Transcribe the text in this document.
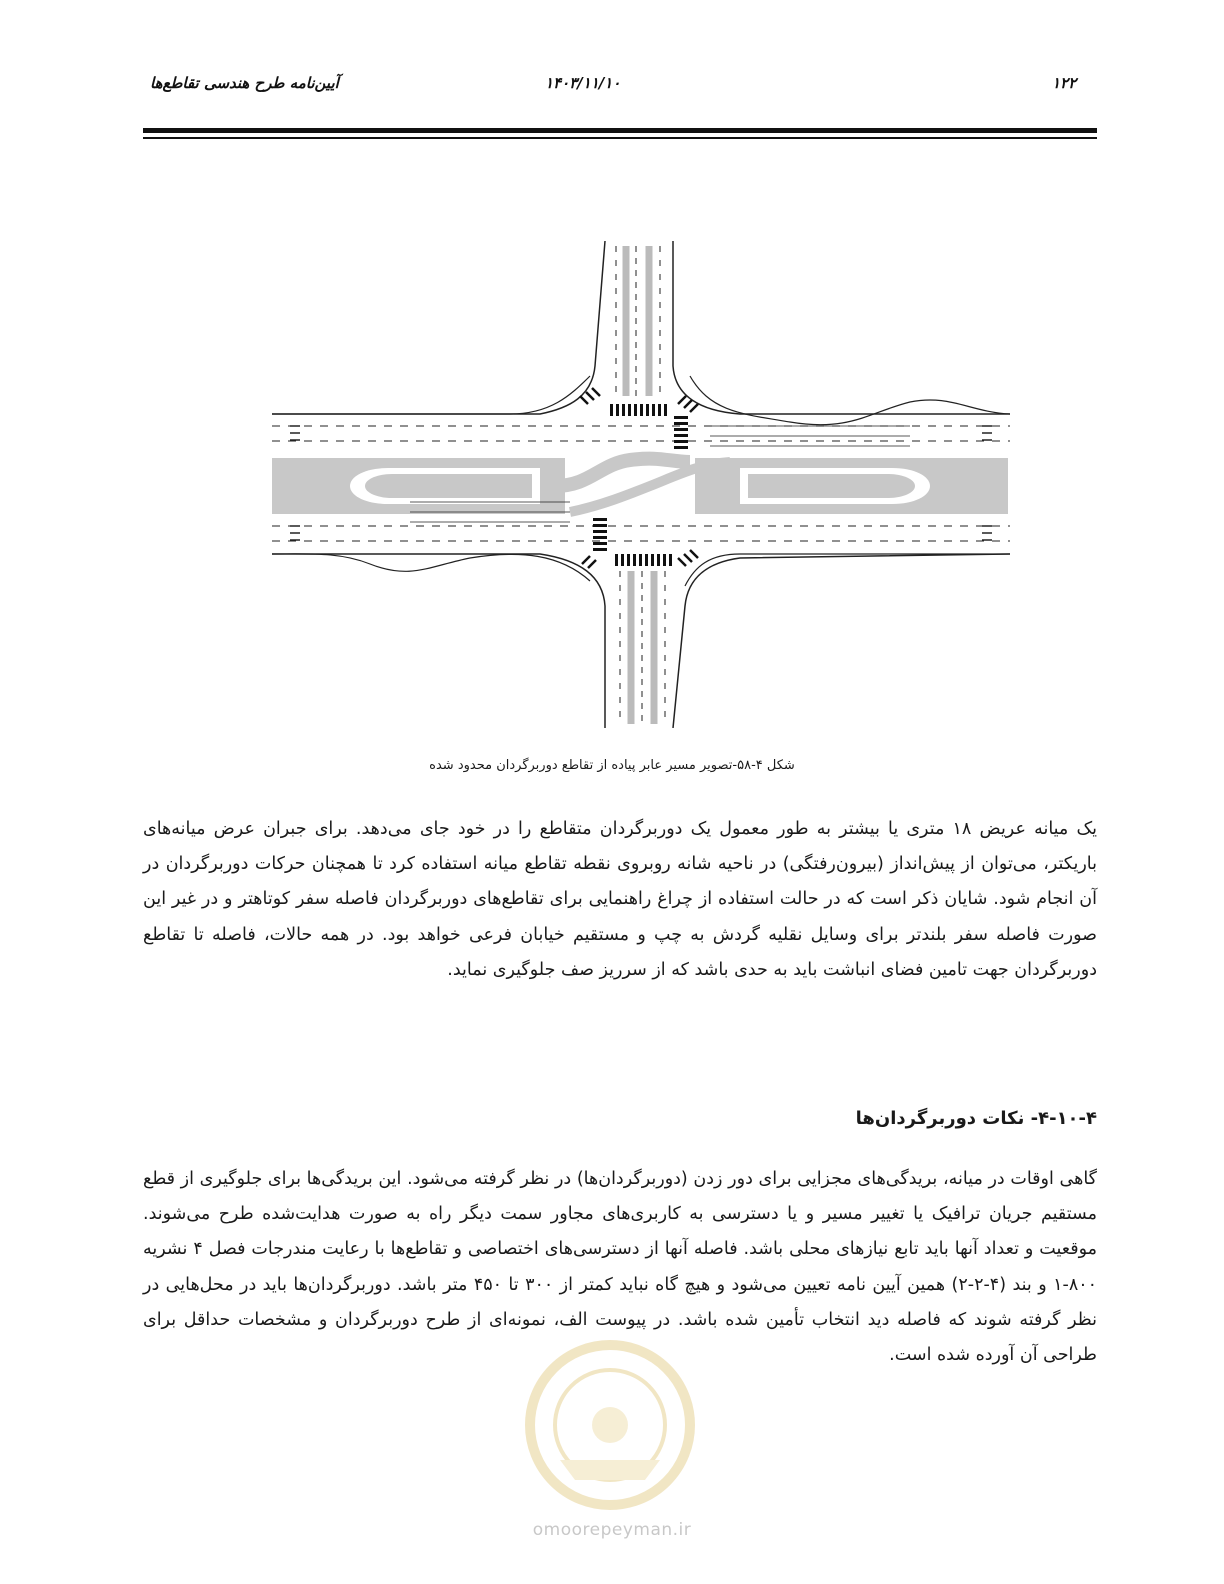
۱۲۲
۱۴۰۳/۱۱/۱۰
آیین‌نامه طرح هندسی تقاطع‌ها
شکل ۴-۵۸-تصویر مسیر عابر پیاده از تقاطع دوربرگردان محدود شده
یک میانه عریض ۱۸ متری یا بیشتر به طور معمول یک دوربرگردان متقاطع را در خود جای می‌دهد. برای جبران عرض میانه‌های باریکتر، می‌توان از پیش‌انداز (بیرون‌رفتگی) در ناحیه شانه روبروی نقطه تقاطع میانه استفاده کرد تا همچنان حرکات دوربرگردان در آن انجام شود. شایان ذکر است که در حالت استفاده از چراغ راهنمایی برای تقاطع‌های دوربرگردان فاصله سفر کوتاهتر و در غیر این صورت فاصله سفر بلندتر برای وسایل نقلیه گردش به چپ و مستقیم خیابان فرعی خواهد بود. در همه حالات، فاصله تا تقاطع دوربرگردان جهت تامین فضای انباشت باید به حدی باشد که از سرریز صف جلوگیری نماید.
۴-۱۰-۴- نکات دوربرگردان‌ها
گاهی اوقات در میانه، بریدگی‌های مجزایی برای دور زدن (دوربرگردان‌ها) در نظر گرفته می‌شود. این بریدگی‌ها برای جلوگیری از قطع مستقیم جریان ترافیک یا تغییر مسیر و یا دسترسی به کاربری‌های مجاور سمت دیگر راه به صورت هدایت‌شده طرح می‌شوند. موقعیت و تعداد آنها باید تابع نیازهای محلی باشد. فاصله آنها از دسترسی‌های اختصاصی و تقاطع‌ها با رعایت مندرجات فصل ۴ نشریه ۸۰۰-۱ و بند (۴-۲-۲) همین آیین نامه تعیین می‌شود و هیچ گاه نباید کمتر از ۳۰۰ تا ۴۵۰ متر باشد. دوربرگردان‌ها باید در محل‌هایی در نظر گرفته شوند که فاصله دید انتخاب تأمین شده باشد. در پیوست الف، نمونه‌ای از طرح دوربرگردان و مشخصات حداقل برای طراحی آن آورده شده است.
omoorepeyman.ir
